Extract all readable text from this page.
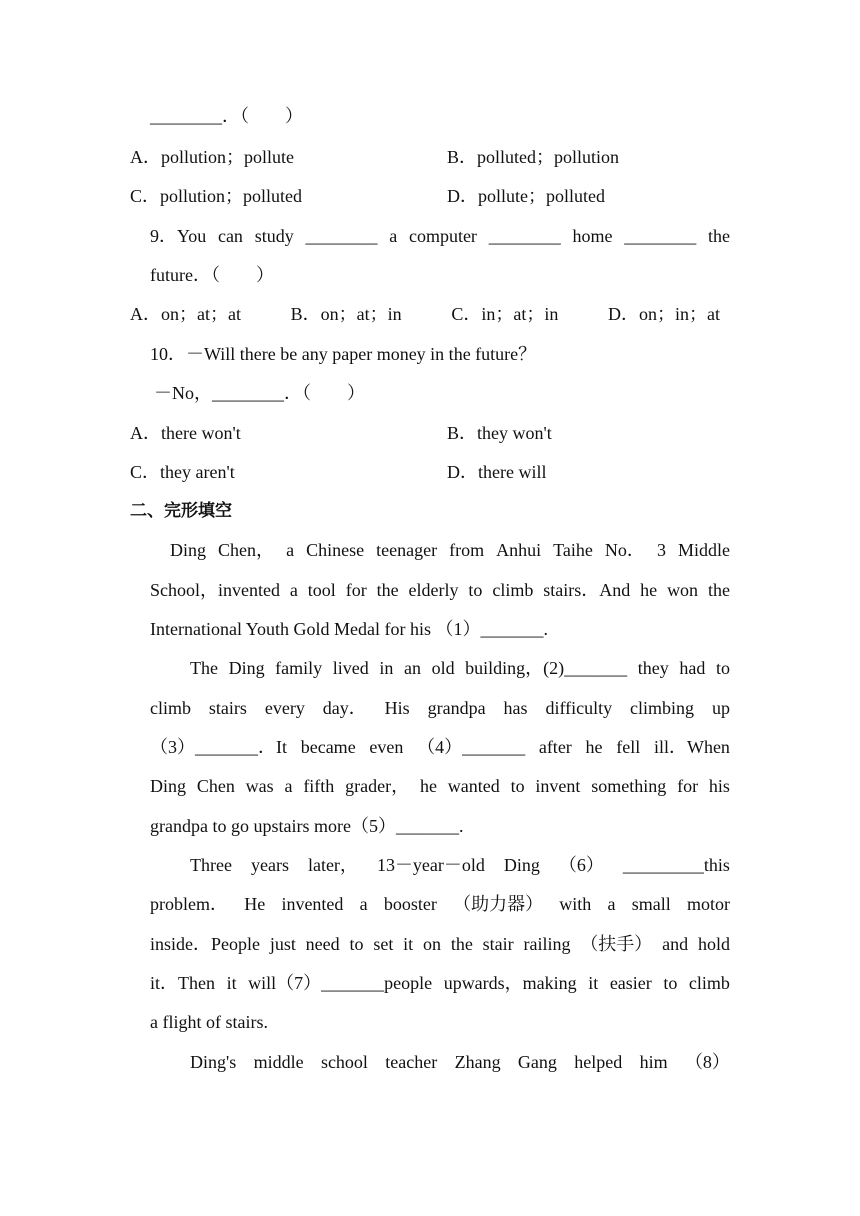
________．（　　）
A．pollution；pollute	B．polluted；pollution
C．pollution；polluted	D．pollute；polluted
9．You can study ________ a computer ________ home ________ the
future．（　　）
A．on；at；at	B．on；at；in	C．in；at；in	D．on；in；at
10．－Will there be any paper money in the future？
－No，________．（　　）
A．there won't	B．they won't
C．they aren't	D．there will
二、完形填空
Ding Chen， a Chinese teenager from Anhui Taihe No． 3 Middle
School，invented a tool for the elderly to climb stairs．And he won the
International Youth Gold Medal for his （1）_______.
The Ding family lived in an old building，(2)_______ they had to
climb stairs every day． His grandpa has difficulty climbing up
（3）_______．It became even （4）_______ after he fell ill．When
Ding Chen was a fifth grader， he wanted to invent something for his
grandpa to go upstairs more（5）_______.
Three years later， 13－year－old Ding （6） _________this
problem． He invented a booster （助力器） with a small motor
inside．People just need to set it on the stair railing （扶手） and hold
it．Then it will（7）_______people upwards，making it easier to climb
a flight of stairs.
Ding's middle school teacher Zhang Gang helped him （8）
